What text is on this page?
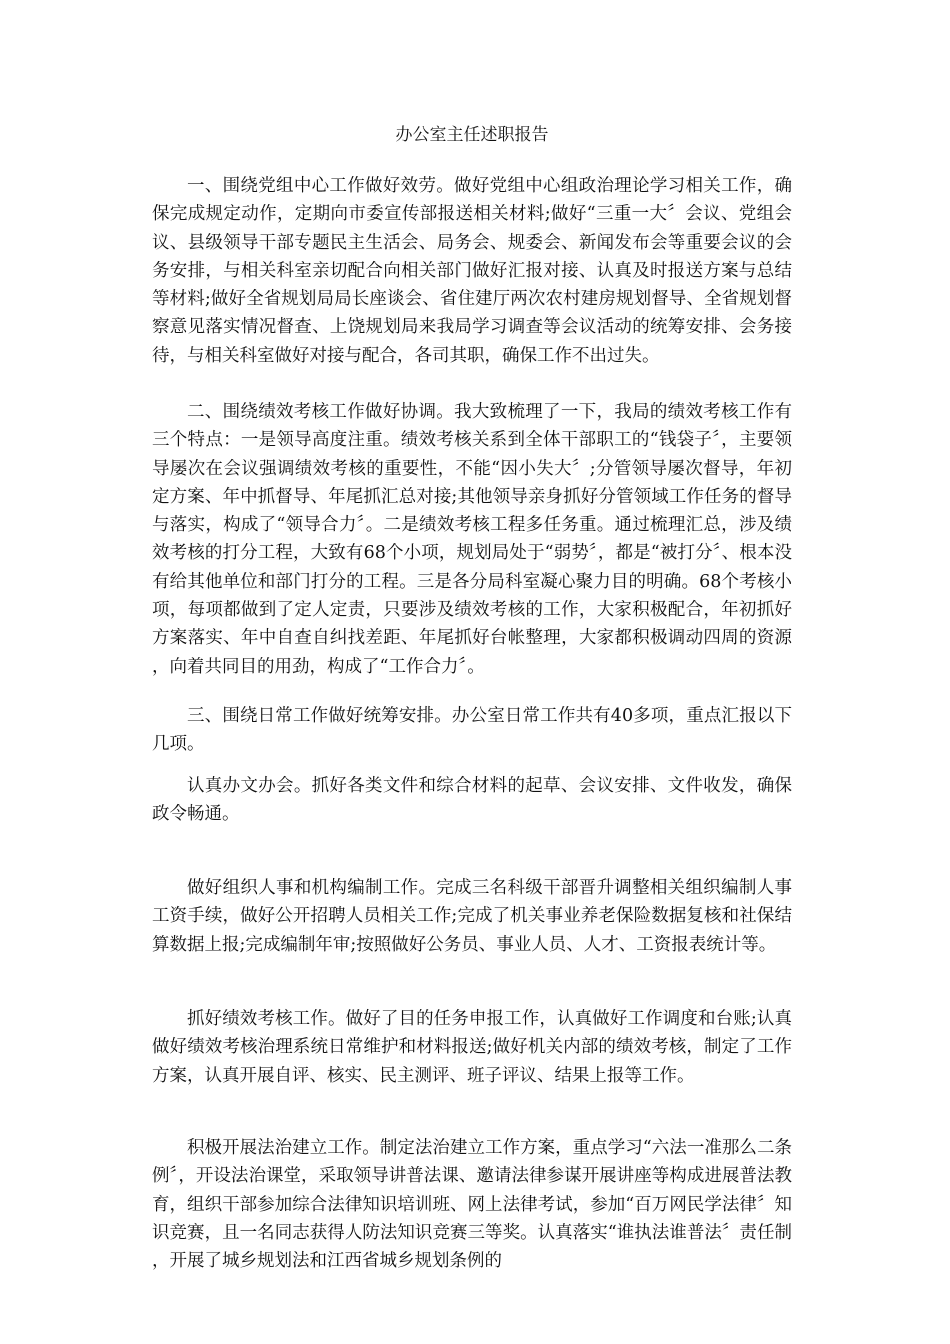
办公室主任述职报告

一、围绕党组中心工作做好效劳。做好党组中心组政治理论学习相关工作，确保完成规定动作，定期向市委宣传部报送相关材料;做好“三重一大〞会议、党组会议、县级领导干部专题民主生活会、局务会、规委会、新闻发布会等重要会议的会务安排，与相关科室亲切配合向相关部门做好汇报对接、认真及时报送方案与总结等材料;做好全省规划局局长座谈会、省住建厅两次农村建房规划督导、全省规划督察意见落实情况督查、上饶规划局来我局学习调查等会议活动的统筹安排、会务接待，与相关科室做好对接与配合，各司其职，确保工作不出过失。

二、围绕绩效考核工作做好协调。我大致梳理了一下，我局的绩效考核工作有三个特点：一是领导高度注重。绩效考核关系到全体干部职工的“钱袋子〞，主要领导屡次在会议强调绩效考核的重要性，不能“因小失大〞;分管领导屡次督导，年初定方案、年中抓督导、年尾抓汇总对接;其他领导亲身抓好分管领域工作任务的督导与落实，构成了“领导合力〞。二是绩效考核工程多任务重。通过梳理汇总，涉及绩效考核的打分工程，大致有68个小项，规划局处于“弱势〞，都是“被打分〞、根本没有给其他单位和部门打分的工程。三是各分局科室凝心聚力目的明确。68个考核小项，每项都做到了定人定责，只要涉及绩效考核的工作，大家积极配合，年初抓好方案落实、年中自查自纠找差距、年尾抓好台帐整理，大家都积极调动四周的资源，向着共同目的用劲，构成了“工作合力〞。

三、围绕日常工作做好统筹安排。办公室日常工作共有40多项，重点汇报以下几项。

认真办文办会。抓好各类文件和综合材料的起草、会议安排、文件收发，确保政令畅通。

做好组织人事和机构编制工作。完成三名科级干部晋升调整相关组织编制人事工资手续，做好公开招聘人员相关工作;完成了机关事业养老保险数据复核和社保结算数据上报;完成编制年审;按照做好公务员、事业人员、人才、工资报表统计等。

抓好绩效考核工作。做好了目的任务申报工作，认真做好工作调度和台账;认真做好绩效考核治理系统日常维护和材料报送;做好机关内部的绩效考核，制定了工作方案，认真开展自评、核实、民主测评、班子评议、结果上报等工作。

积极开展法治建立工作。制定法治建立工作方案，重点学习“六法一准那么二条例〞，开设法治课堂，采取领导讲普法课、邀请法律参谋开展讲座等构成进展普法教育，组织干部参加综合法律知识培训班、网上法律考试，参加“百万网民学法律〞知识竞赛，且一名同志获得人防法知识竞赛三等奖。认真落实“谁执法谁普法〞责任制，开展了城乡规划法和江西省城乡规划条例的
